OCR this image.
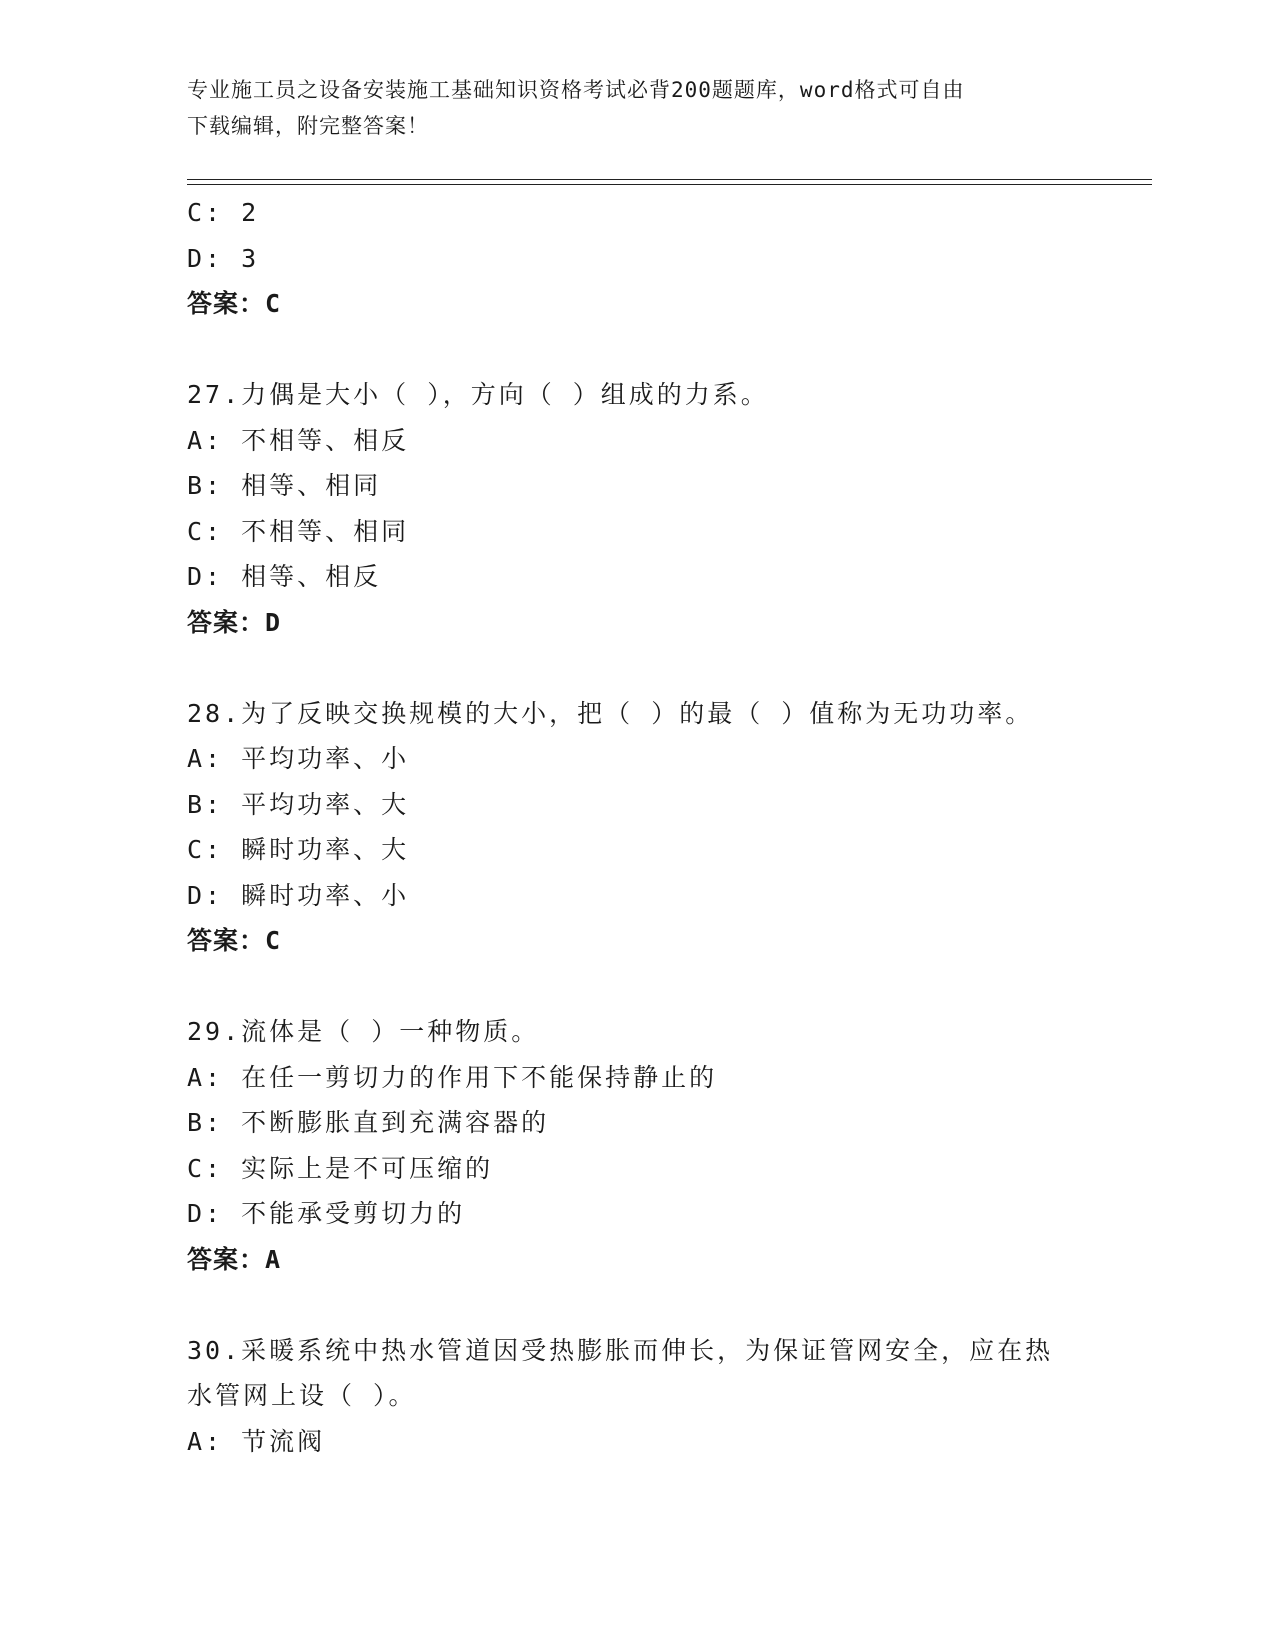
专业施工员之设备安装施工基础知识资格考试必背200题题库，word格式可自由
下载编辑，附完整答案！
C: 2
D: 3
答案：C
27.力偶是大小（ ），方向（ ）组成的力系。
A: 不相等、相反
B: 相等、相同
C: 不相等、相同
D: 相等、相反
答案：D
28.为了反映交换规模的大小，把（ ）的最（ ）值称为无功功率。
A: 平均功率、小
B: 平均功率、大
C: 瞬时功率、大
D: 瞬时功率、小
答案：C
29.流体是（ ）一种物质。
A: 在任一剪切力的作用下不能保持静止的
B: 不断膨胀直到充满容器的
C: 实际上是不可压缩的
D: 不能承受剪切力的
答案：A
30.采暖系统中热水管道因受热膨胀而伸长，为保证管网安全，应在热
水管网上设（ ）。
A: 节流阀
